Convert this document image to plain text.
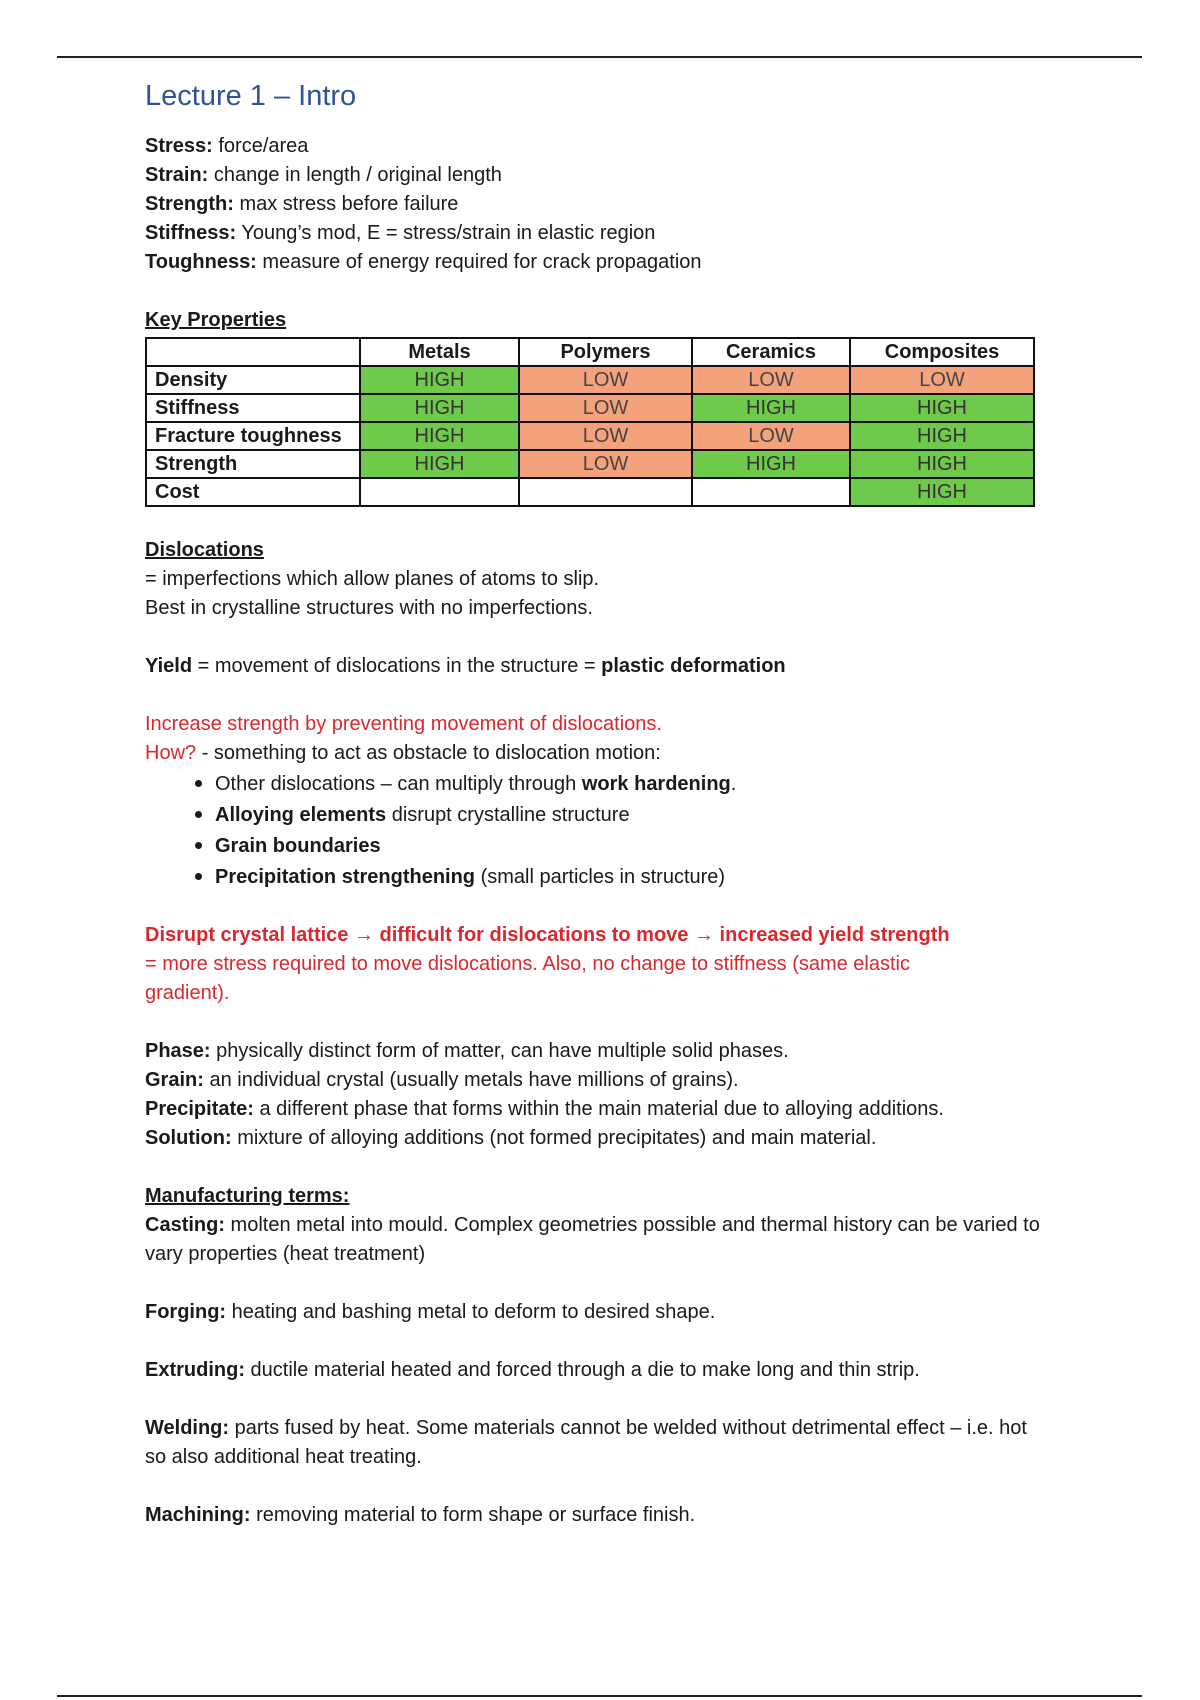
Lecture 1 – Intro
Stress: force/area
Strain: change in length / original length
Strength: max stress before failure
Stiffness: Young’s mod, E = stress/strain in elastic region
Toughness: measure of energy required for crack propagation
Key Properties
	Metals	Polymers	Ceramics	Composites
Density	HIGH	LOW	LOW	LOW
Stiffness	HIGH	LOW	HIGH	HIGH
Fracture toughness	HIGH	LOW	LOW	HIGH
Strength	HIGH	LOW	HIGH	HIGH
Cost				HIGH
Dislocations
= imperfections which allow planes of atoms to slip.
Best in crystalline structures with no imperfections.
Yield = movement of dislocations in the structure = plastic deformation
Increase strength by preventing movement of dislocations.
How? - something to act as obstacle to dislocation motion:
• Other dislocations – can multiply through work hardening.
• Alloying elements disrupt crystalline structure
• Grain boundaries
• Precipitation strengthening (small particles in structure)
Disrupt crystal lattice → difficult for dislocations to move → increased yield strength
= more stress required to move dislocations. Also, no change to stiffness (same elastic gradient).
Phase: physically distinct form of matter, can have multiple solid phases.
Grain: an individual crystal (usually metals have millions of grains).
Precipitate: a different phase that forms within the main material due to alloying additions.
Solution: mixture of alloying additions (not formed precipitates) and main material.
Manufacturing terms:
Casting: molten metal into mould. Complex geometries possible and thermal history can be varied to vary properties (heat treatment)
Forging: heating and bashing metal to deform to desired shape.
Extruding: ductile material heated and forced through a die to make long and thin strip.
Welding: parts fused by heat. Some materials cannot be welded without detrimental effect – i.e. hot so also additional heat treating.
Machining: removing material to form shape or surface finish.
